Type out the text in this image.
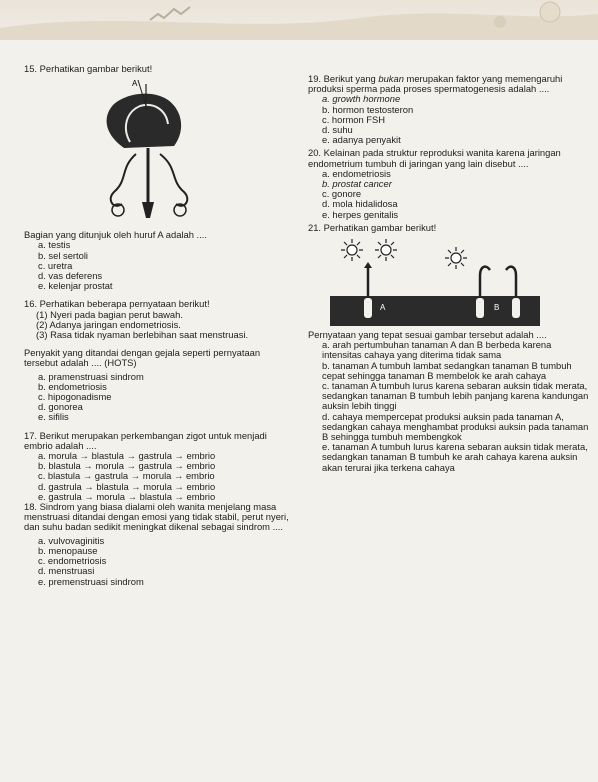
15. Perhatikan gambar berikut!

A

Bagian yang ditunjuk oleh huruf A adalah ....

a. testis

b. sel sertoli

c. uretra

d. vas deferens

e. kelenjar prostat

16. Perhatikan beberapa pernyataan berikut!

(1) Nyeri pada bagian perut bawah.

(2) Adanya jaringan endometriosis.

(3) Rasa tidak nyaman berlebihan saat menstruasi.

Penyakit yang ditandai dengan gejala seperti pernyataan tersebut adalah .... (HOTS)

a. pramenstruasi sindrom

b. endometriosis

c. hipogonadisme

d. gonorea

e. sifilis

17. Berikut merupakan perkembangan zigot untuk menjadi embrio adalah ....

a. morula → blastula → gastrula → embrio

b. blastula → morula → gastrula → embrio

c. blastula → gastrula → morula → embrio

d. gastrula → blastula → morula → embrio

e. gastrula → morula → blastula → embrio

18. Sindrom yang biasa dialami oleh wanita menjelang masa menstruasi ditandai dengan emosi yang tidak stabil, perut nyeri, dan suhu badan sedikit meningkat dikenal sebagai sindrom ....

a. vulvovaginitis

b. menopause

c. endometriosis

d. menstruasi

e. premenstruasi sindrom

19. Berikut yang bukan merupakan faktor yang memengaruhi produksi sperma pada proses spermatogenesis adalah ....

a. growth hormone

b. hormon testosteron

c. hormon FSH

d. suhu

e. adanya penyakit

20. Kelainan pada struktur reproduksi wanita karena jaringan endometrium tumbuh di jaringan yang lain disebut ....

a. endometriosis

b. prostat cancer

c. gonore

d. mola hidalidosa

e. herpes genitalis

21. Perhatikan gambar berikut!

A	B

Pernyataan yang tepat sesuai gambar tersebut adalah ....

a. arah pertumbuhan tanaman A dan B berbeda karena intensitas cahaya yang diterima tidak sama

b. tanaman A tumbuh lambat sedangkan tanaman B tumbuh cepat sehingga tanaman B membelok ke arah cahaya

c. tanaman A tumbuh lurus karena sebaran auksin tidak merata, sedangkan tanaman B tumbuh lebih panjang karena kandungan auksin lebih tinggi

d. cahaya mempercepat produksi auksin pada tanaman A, sedangkan cahaya menghambat produksi auksin pada tanaman B sehingga tumbuh membengkok

e. tanaman A tumbuh lurus karena sebaran auksin tidak merata, sedangkan tanaman B tumbuh ke arah cahaya karena auksin akan terurai jika terkena cahaya
